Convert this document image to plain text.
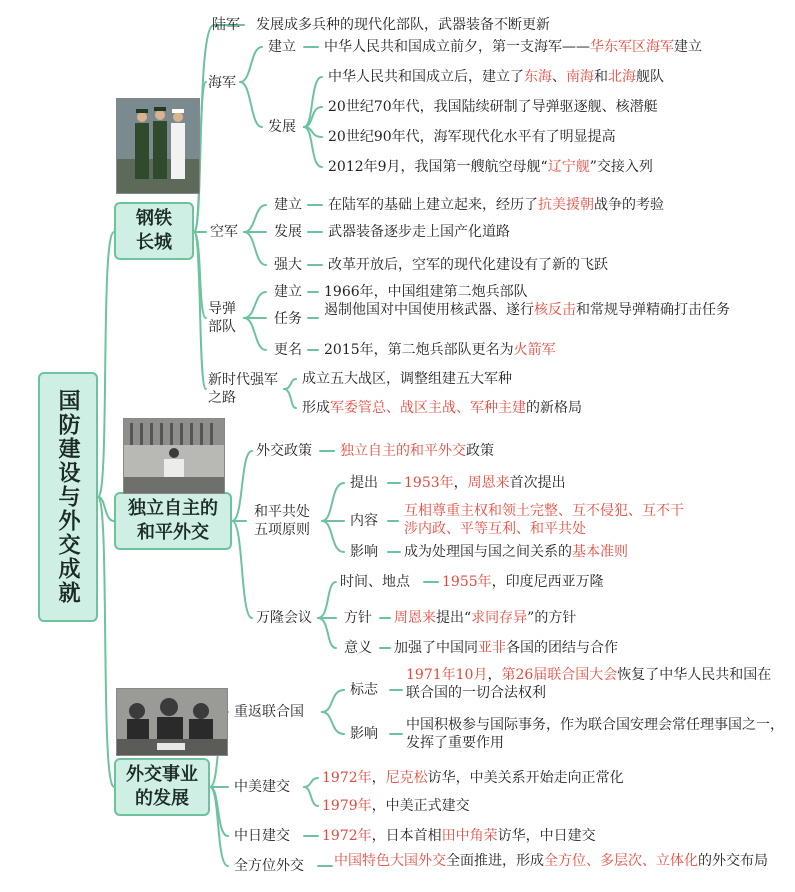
国防建设与外交成就
钢铁长城
独立自主的和平外交
外交事业的发展
陆军 发展成多兵种的现代化部队，武器装备不断更新
海军
建立 中华人民共和国成立前夕，第一支海军——华东军区海军建立
发展
中华人民共和国成立后，建立了东海、南海和北海舰队
20世纪70年代，我国陆续研制了导弹驱逐舰、核潜艇
20世纪90年代，海军现代化水平有了明显提高
2012年9月，我国第一艘航空母舰“辽宁舰”交接入列
空军
建立 在陆军的基础上建立起来，经历了抗美援朝战争的考验
发展 武器装备逐步走上国产化道路
强大 改革开放后，空军的现代化建设有了新的飞跃
导弹部队
建立 1966年，中国组建第二炮兵部队
任务
遏制他国对中国使用核武器、遂行核反击和常规导弹精确打击任务
更名 2015年，第二炮兵部队更名为火箭军
新时代强军之路
成立五大战区，调整组建五大军种
形成军委管总、战区主战、军种主建的新格局
外交政策 独立自主的和平外交政策
和平共处五项原则
提出 1953年，周恩来首次提出
内容
互相尊重主权和领土完整、互不侵犯、互不干涉内政、平等互利、和平共处
影响 成为处理国与国之间关系的基本准则
万隆会议
时间、地点 1955年，印度尼西亚万隆
方针 周恩来提出“求同存异”的方针
意义 加强了中国同亚非各国的团结与合作
重返联合国
标志
1971年10月，第26届联合国大会恢复了中华人民共和国在联合国的一切合法权利
影响
中国积极参与国际事务，作为联合国安理会常任理事国之一，发挥了重要作用
中美建交
1972年，尼克松访华，中美关系开始走向正常化
1979年，中美正式建交
中日建交 1972年，日本首相田中角荣访华，中日建交
全方位外交 中国特色大国外交全面推进，形成全方位、多层次、立体化的外交布局
